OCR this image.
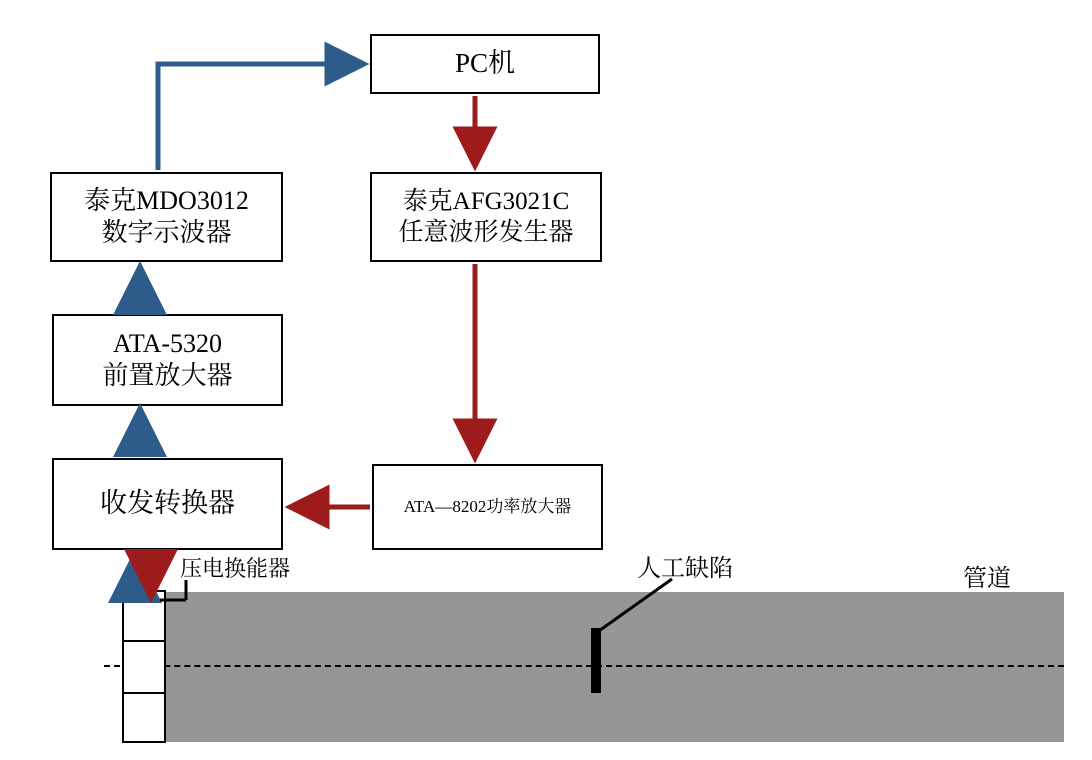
PC机
泰克MDO3012
数字示波器
泰克AFG3021C
任意波形发生器
ATA-5320
前置放大器
收发转换器	ATA—8202功率放大器
压电换能器	人工缺陷	管道
